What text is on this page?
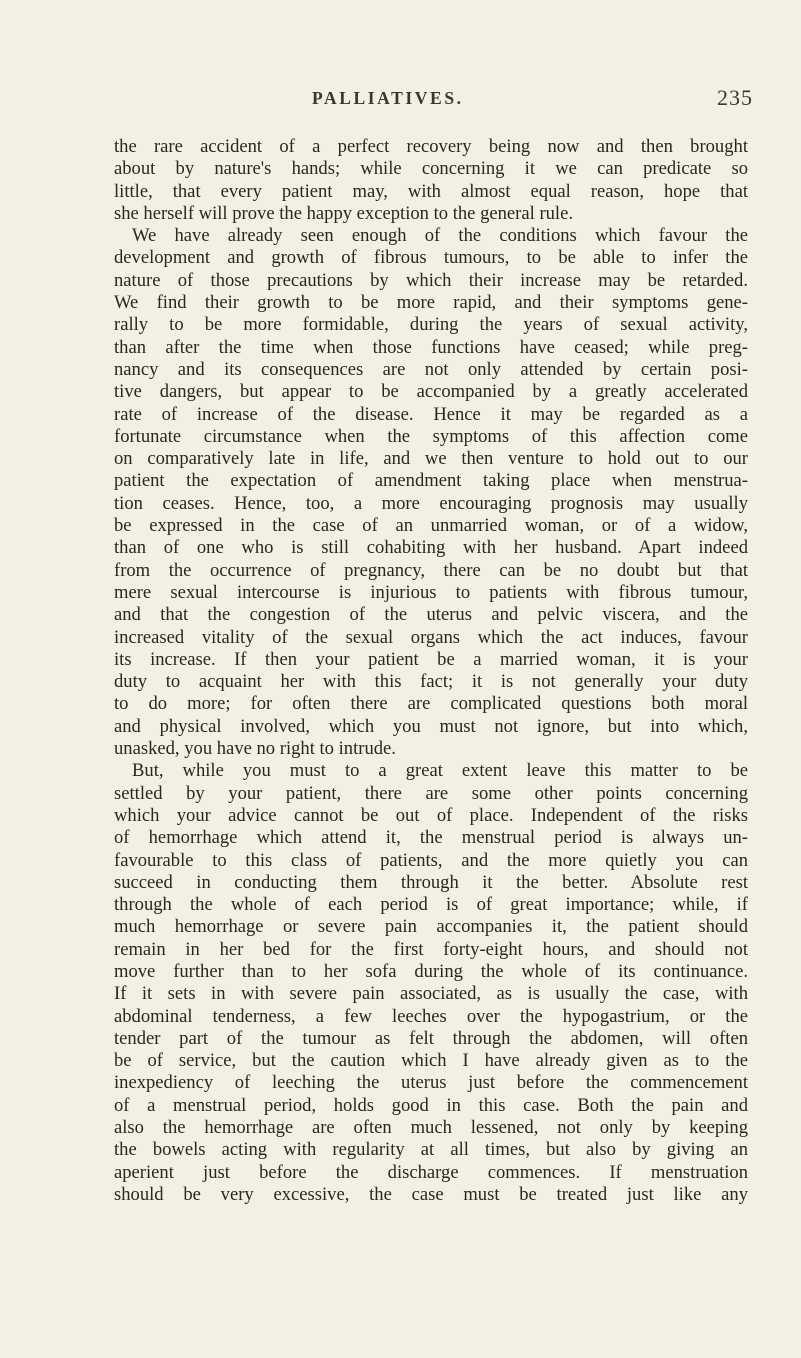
PALLIATIVES.	235
the rare accident of a perfect recovery being now and then brought
about by nature's hands; while concerning it we can predicate so
little, that every patient may, with almost equal reason, hope that
she herself will prove the happy exception to the general rule.
We have already seen enough of the conditions which favour the
development and growth of fibrous tumours, to be able to infer the
nature of those precautions by which their increase may be retarded.
We find their growth to be more rapid, and their symptoms gene-
rally to be more formidable, during the years of sexual activity,
than after the time when those functions have ceased; while preg-
nancy and its consequences are not only attended by certain posi-
tive dangers, but appear to be accompanied by a greatly accelerated
rate of increase of the disease. Hence it may be regarded as a
fortunate circumstance when the symptoms of this affection come
on comparatively late in life, and we then venture to hold out to our
patient the expectation of amendment taking place when menstrua-
tion ceases. Hence, too, a more encouraging prognosis may usually
be expressed in the case of an unmarried woman, or of a widow,
than of one who is still cohabiting with her husband. Apart indeed
from the occurrence of pregnancy, there can be no doubt but that
mere sexual intercourse is injurious to patients with fibrous tumour,
and that the congestion of the uterus and pelvic viscera, and the
increased vitality of the sexual organs which the act induces, favour
its increase. If then your patient be a married woman, it is your
duty to acquaint her with this fact; it is not generally your duty
to do more; for often there are complicated questions both moral
and physical involved, which you must not ignore, but into which,
unasked, you have no right to intrude.
But, while you must to a great extent leave this matter to be
settled by your patient, there are some other points concerning
which your advice cannot be out of place. Independent of the risks
of hemorrhage which attend it, the menstrual period is always un-
favourable to this class of patients, and the more quietly you can
succeed in conducting them through it the better. Absolute rest
through the whole of each period is of great importance; while, if
much hemorrhage or severe pain accompanies it, the patient should
remain in her bed for the first forty-eight hours, and should not
move further than to her sofa during the whole of its continuance.
If it sets in with severe pain associated, as is usually the case, with
abdominal tenderness, a few leeches over the hypogastrium, or the
tender part of the tumour as felt through the abdomen, will often
be of service, but the caution which I have already given as to the
inexpediency of leeching the uterus just before the commencement
of a menstrual period, holds good in this case. Both the pain and
also the hemorrhage are often much lessened, not only by keeping
the bowels acting with regularity at all times, but also by giving an
aperient just before the discharge commences. If menstruation
should be very excessive, the case must be treated just like any
